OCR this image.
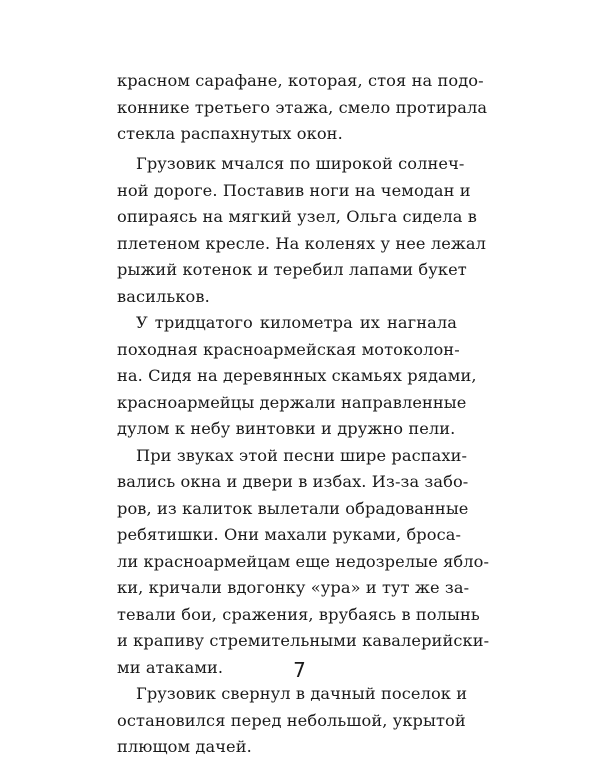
красном сарафане, которая, стоя на подо-
коннике третьего этажа, смело протирала
стекла распахнутых окон.
Грузовик мчался по широкой солнеч-
ной дороге. Поставив ноги на чемодан и
опираясь на мягкий узел, Ольга сидела в
плетеном кресле. На коленях у нее лежал
рыжий котенок и теребил лапами букет
васильков.
У тридцатого километра их нагнала
походная красноармейская мотоколон-
на. Сидя на деревянных скамьях рядами,
красноармейцы держали направленные
дулом к небу винтовки и дружно пели.
При звуках этой песни шире распахи-
вались окна и двери в избах. Из-за забо-
ров, из калиток вылетали обрадованные
ребятишки. Они махали руками, броса-
ли красноармейцам еще недозрелые ябло-
ки, кричали вдогонку «ура» и тут же за-
тевали бои, сражения, врубаясь в полынь
и крапиву стремительными кавалерийски-
ми атаками.
Грузовик свернул в дачный поселок и
остановился перед небольшой, укрытой
плющом дачей.
7
